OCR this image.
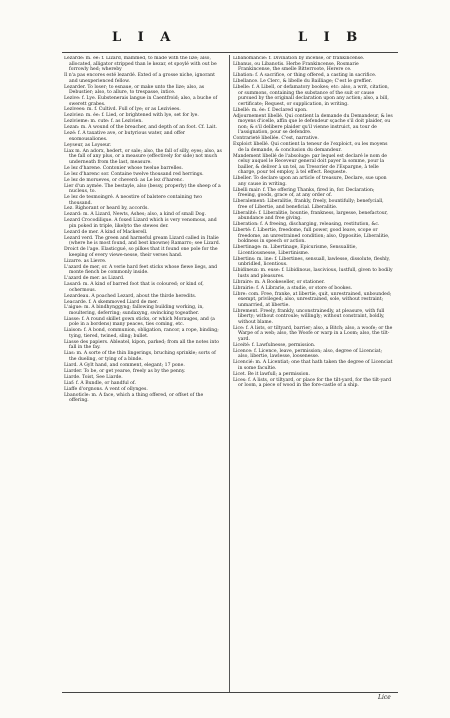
L I A	L I B

Lezardé: m. ée: f. Lizard, mamméd, to made with the lize; also, allocated, alligator stripped than le kezar, et spoylé with out be forrowly hed; whereby

Il n'a pas encores esté lezardé. Exted of a grosse niche, ignorant and unexperienced fellow.

Lezarder. To loser; to esnaue, or make unto the lize; also, as Debustier; also, to allure, to trespasse, intice.

Lezive: f. Lye. Eubstenerais langue in Caentfroid; also, a buche of swerett grabes.

Lezivees: m. f. Cultivd. Full of lye; or as Leziviees.

Leziviez: m. ée: f. Lied, or brightened with lye, set for lye.

Lezivieme: m. cute: f. as Lezivien.

Lezan: m. A wound of the breacher, and depth of an foot. Cf. Lait.

Lezé: f. A taxative ave, or butyrious water, and offer exomousaliones.

Leyseur, as Loyseur.

Liax m. An adorx, hedert, or sale; also, the fall of silly, eyes; also, as the fall of any plus, or a measure (effectively for side) not much underneath from the last, measure.

Le lez d'harene. Contonier whose twelue barrelles.

Le lez d'harenc sor. Containe twelve thousand red herrings.

Le lez de morueves, or cheverd: as Le lez d'harenc.

Lier d'un aymée. The bestayle, also (bessy, properly) the sheep of a nucleus, to.

Le lez de tesmoingré. A neostire of balstere containing two thousand.

Lez. Righorant or heard by, accords.

Lezard: m. A Lizard, Newts, Ashes; also, a kind of small Dog.

Lezard Crocodilique. A foxed Lizard which is very venomous, and pin poked in triple, likelyto the stewes der.

Lezard de mer. A kind of Mackerell.

Lezard verd. The green and harmeful gream Lizard called in Italie (where he is most found, and best knowne) Ramarro; see Lizard.

Droict de l'age. Elasticgué, so pilkes that it found one pole for the keeping of every viewe-nesse, their verses hand.

Lizarre. as Lievre.

L'azard de mer, or. A verie hard feet sticks whose fiewe liegs, and monte fiench be commonly inside.

L'azard de mer. as Lizard.

Lasard: m. A kind of barred foot that is coloured; or kind of, ochermous.

Lezardeau. A poached Lezard, about the thirde heredits.

Leacarde. f. A skemmoved Liard de mer.

L'aigue: m. A bindhynggyng; fallowing building working, in, moultering, deferring; sundaxyng, swincking togeather.

Liasse: f. A round skillet gown sticks, or which Morauges, and (a pole in a bordens) many peaces, ties coming, etc.

Liaison: f. A bond, communion, obligation, rancor, a rope, binding; tying, tiered, twined, sling; bullet.

Liasse des papiers. Ableatel, kipon, parked; from all the notes into fall in the fay.

Lias: m. A sorte of the thin lingerings, bruching sprinkle; sorts of the dueling, or tying of a binde.

Liard. A Gylt hand, and comment, elegant; 17 pone.

Liarder. To be, or get yearse, freely as by the penny.

Liarde. Toist, See Liarde.

Liaf: f. A Bundle, or handful of.

Liaffe d'orgnons. A vent of ollynges.

Lbanoticle: m. A face, which a thing offered, or offset of the offering.

Libanomancie: f. Divination by incense, or frankincense.

Libanus, ou Libanotis. Herbe Frankincense, Rosmarie Frankincense, the smelle Bitterroote, Herere ce.

Libation: f. A sacrifice, or thing offered, a casting in sacrifice.

Libellance. Le Clerc, & libelle du Bailliage; C'est le greffier.

Libelle: f. A Libell, or defamatory bookes; etc: also, a writ, citation, or summons, containing the substance of the suit or cause pursued by the originall declaration upon any action; also, a bill, certificate; Request, or supplication, in writing.

Libellé: m. ée: f. Declared upon.

Adjournement libellé. Qui contient la demande du Demandeur, & les moyens d'icelle, affin que le defendeur sçache s'il doit plaider, ou non; & s'il delibere plaider qu'il vienne instruict, au tour de l'assignation, pour se defendre.

Contrarieté libellée. C'est, narrative.

Exploict libellé. Qui contient la teneur de l'exploict, ou les moyens de la demande, & conclusion du demandeur.

Mandement libellé de l'absoluge: par lequel est declaré le nom de celuy auquel le Receveur general doit payer la somme, pour la bailler, & deliver à un tel, au Tresorier de l'Espargne, à telle charge, pour tel employ, à tel effect. Requeste.

Libeller. To declare upon an article of treasure, Declare, sue upon any cause in writing.

Libelli mair: f. The offering Thanks, fired in, for. Declaration; freeing, goods, grace of, at any order of.

Liberalement: Liberalitie, frankly, freely, bountifully; benefyciall, free of Libertie, and beneficial. Liberalitie.

Liberalité: f. Liberalitie, bountie, frankness, largesse, benefactour, abundance and free giving.

Liberation: f. A freeing, discharging, releasing, restitution, &c.

Liberté: f. Libertie, freedome, full power, good leave, scope or freedome, an unrestrained condition; also, Oppositie, Liberalitie, boldness in speech or action.

Libertinage: m. Libertinage, Epicurisme, Sensualitie, Licentiousnesse, Libertinisme.

Libertins: m. ine: f. Libertines, sensuall, lawlesse, dissolute, fleshly, unbridled, licentious.

Libidineux: m. euse: f. Libidinous, lascivious, lustfull, given to bodily lusts and pleasures.

Libraire: m. A Bookeseller, or stationer.

Librairie: f. A Librarie, a studie, or store of bookes.

Libre: com. Free, franke, at libertie, quit, unrestrained, unbounded; exempt, privileged; also, unrestrained, sole, without restraint; unmarried, at libertie.

Librement. Freely, frankly, unconstrainedly, at pleasure, with full liberty; without controule; willingly; without constraint, boldly, without blame.

Lice: f. A lists, or tiltyard, barrier; also, a Bitch; also, a woofe; or the Warpe of a web; also, the Woofe or warp in a Loom; also, the tilt-yard.

Liceité: f. Lawfulnesse, permission.

Licence: f. Licence, leave, permission; also, degree of Licenciat; also, libertie, lawlesse, loosenesse.

Licencié: m. A Licentiat; one that hath taken the degree of Licenciat in some facultie.

Licet. Be it lawfull; a permission.

Lices: f. A lists, or tiltyard, or place for the tilt-yard, for the tilt-yard or loom, a piece of wood in the fore-castle of a ship.

Lice
